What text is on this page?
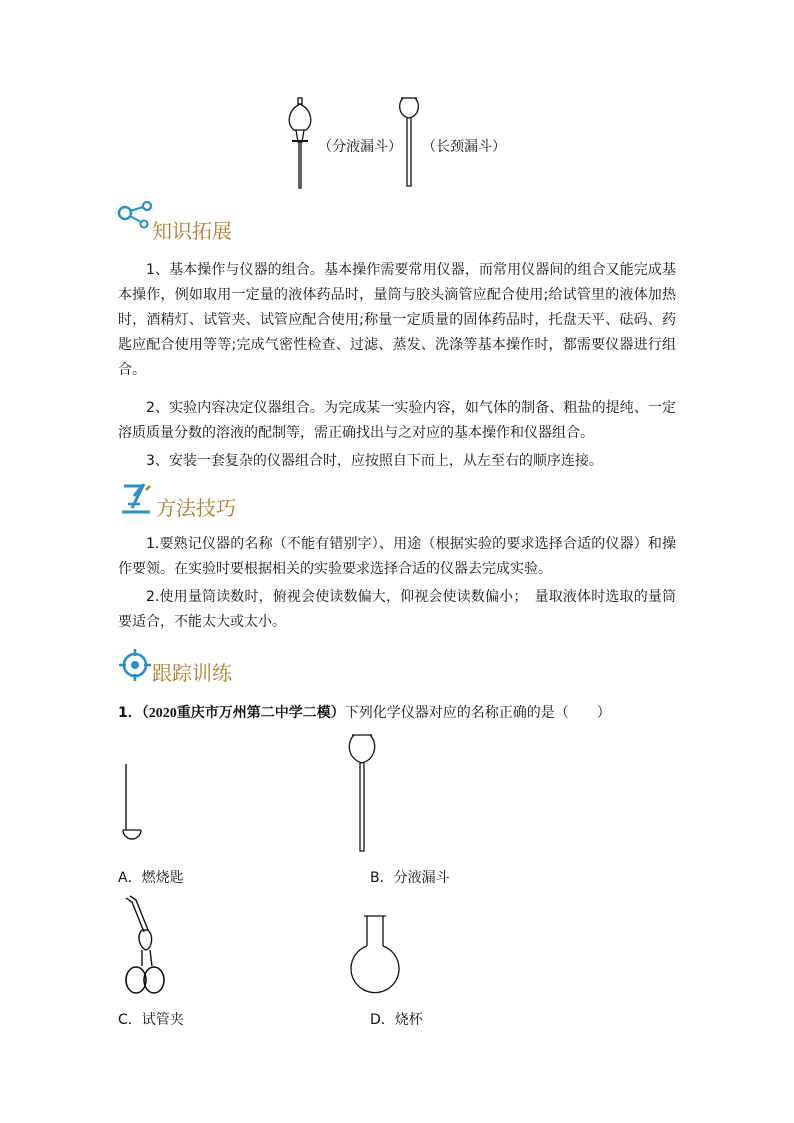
（分液漏斗） （长颈漏斗）
知识拓展

1、基本操作与仪器的组合。基本操作需要常用仪器，而常用仪器间的组合又能完成基本操作，例如取用一定量的液体药品时，量筒与胶头滴管应配合使用;给试管里的液体加热时，酒精灯、试管夹、试管应配合使用;称量一定质量的固体药品时，托盘天平、砝码、药匙应配合使用等等;完成气密性检查、过滤、蒸发、洗涤等基本操作时，都需要仪器进行组合。

2、实验内容决定仪器组合。为完成某一实验内容，如气体的制备、粗盐的提纯、一定溶质质量分数的溶液的配制等，需正确找出与之对应的基本操作和仪器组合。

3、安装一套复杂的仪器组合时，应按照自下而上，从左至右的顺序连接。

方法技巧

1.要熟记仪器的名称（不能有错别字）、用途（根据实验的要求选择合适的仪器）和操作要领。在实验时要根据相关的实验要求选择合适的仪器去完成实验。

2.使用量筒读数时，俯视会使读数偏大，仰视会使读数偏小；　量取液体时选取的量筒要适合，不能太大或太小。

跟踪训练
1．（2020重庆市万州第二中学二模）下列化学仪器对应的名称正确的是（　　）
A．燃烧匙	B．分液漏斗
C．试管夹	D．烧杯
